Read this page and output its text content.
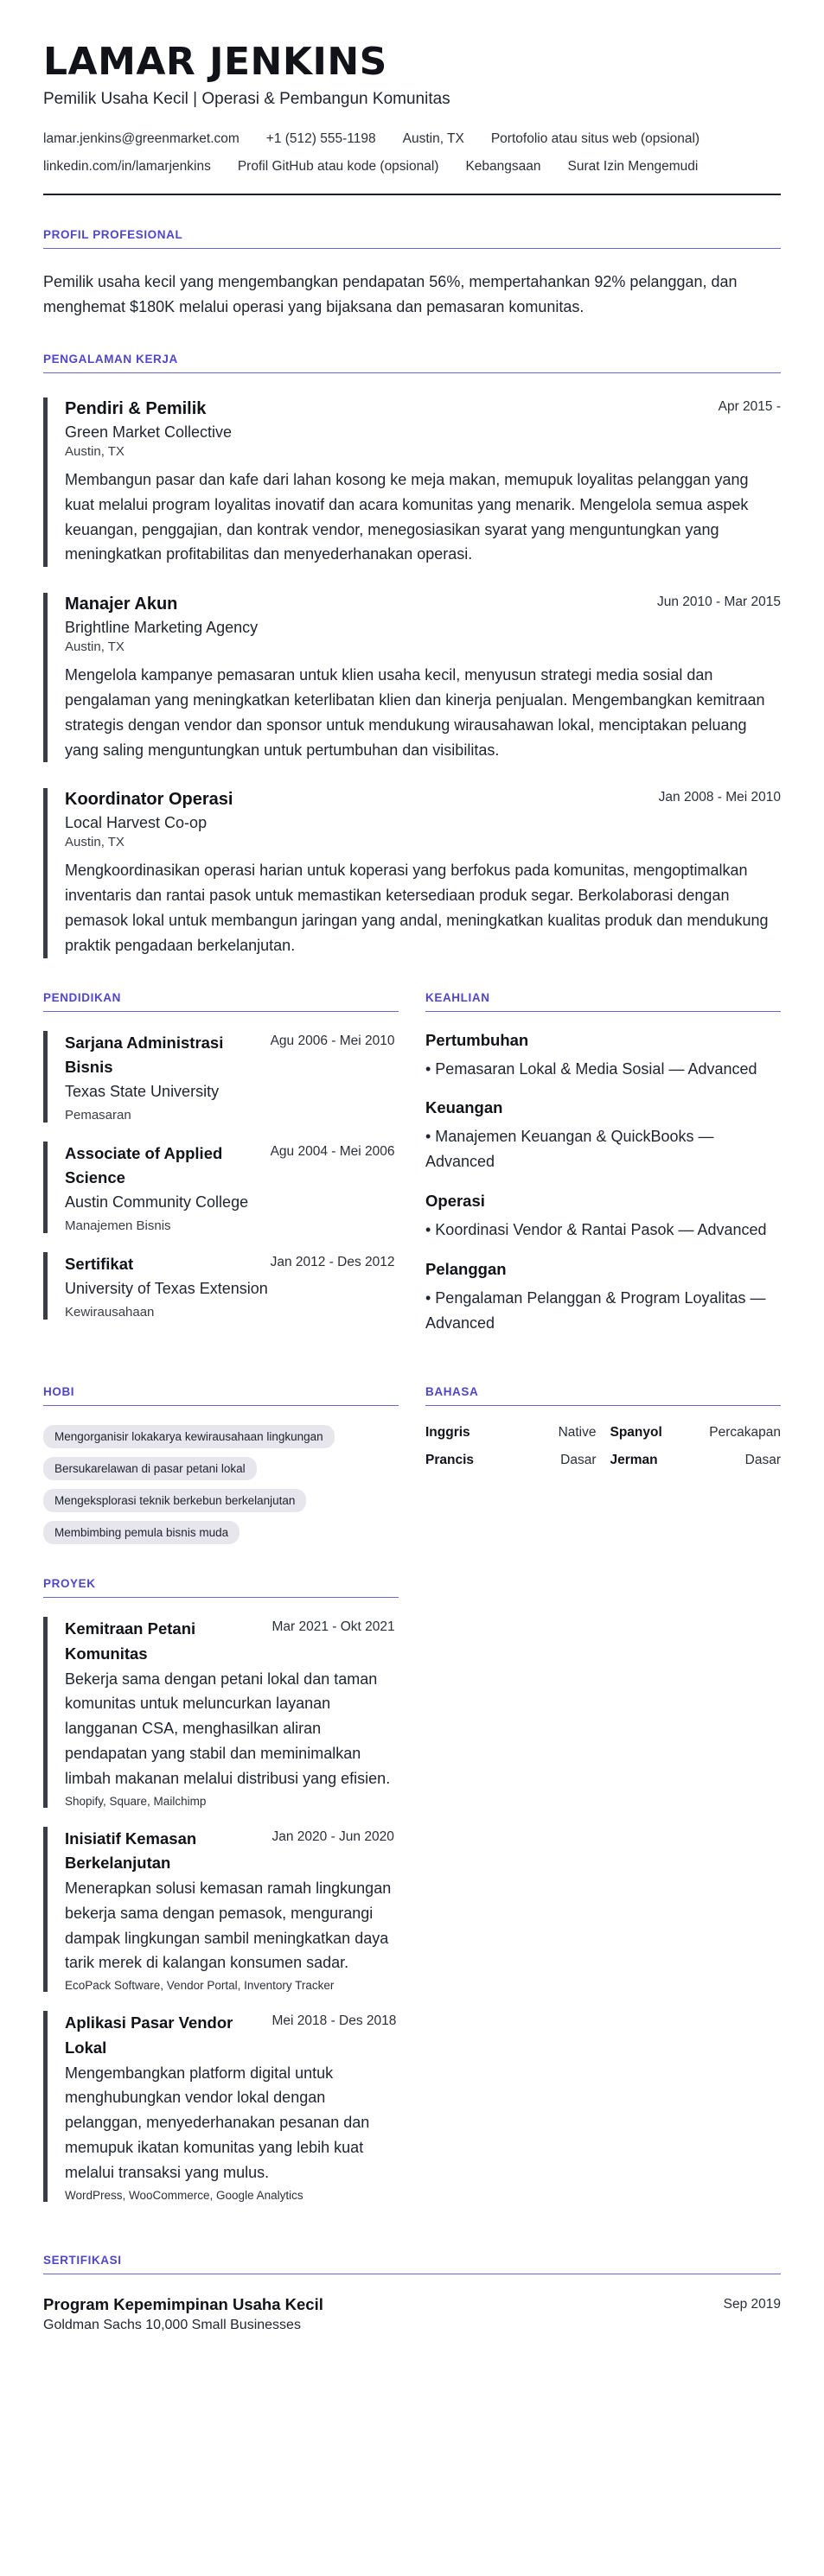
LAMAR JENKINS
Pemilik Usaha Kecil | Operasi & Pembangun Komunitas
lamar.jenkins@greenmarket.com +1 (512) 555-1198 Austin, TX Portofolio atau situs web (opsional)
linkedin.com/in/lamarjenkins Profil GitHub atau kode (opsional) Kebangsaan Surat Izin Mengemudi
PROFIL PROFESIONAL

Pemilik usaha kecil yang mengembangkan pendapatan 56%, mempertahankan 92% pelanggan, dan menghemat $180K melalui operasi yang bijaksana dan pemasaran komunitas.

PENGALAMAN KERJA
Pendiri & Pemilik	Apr 2015 -
Green Market Collective
Austin, TX

Membangun pasar dan kafe dari lahan kosong ke meja makan, memupuk loyalitas pelanggan yang kuat melalui program loyalitas inovatif dan acara komunitas yang menarik. Mengelola semua aspek keuangan, penggajian, dan kontrak vendor, menegosiasikan syarat yang menguntungkan yang meningkatkan profitabilitas dan menyederhanakan operasi.

Manajer Akun	Jun 2010 - Mar 2015
Brightline Marketing Agency
Austin, TX

Mengelola kampanye pemasaran untuk klien usaha kecil, menyusun strategi media sosial dan pengalaman yang meningkatkan keterlibatan klien dan kinerja penjualan. Mengembangkan kemitraan strategis dengan vendor dan sponsor untuk mendukung wirausahawan lokal, menciptakan peluang yang saling menguntungkan untuk pertumbuhan dan visibilitas.

Koordinator Operasi	Jan 2008 - Mei 2010
Local Harvest Co-op
Austin, TX

Mengkoordinasikan operasi harian untuk koperasi yang berfokus pada komunitas, mengoptimalkan inventaris dan rantai pasok untuk memastikan ketersediaan produk segar. Berkolaborasi dengan pemasok lokal untuk membangun jaringan yang andal, meningkatkan kualitas produk dan mendukung praktik pengadaan berkelanjutan.

PENDIDIKAN
Sarjana Administrasi Bisnis
Agu 2006 - Mei 2010
Texas State University
Pemasaran
Associate of Applied Science
Agu 2004 - Mei 2006
Austin Community College
Manajemen Bisnis
Sertifikat	Jan 2012 - Des 2012
University of Texas Extension
Kewirausahaan
KEAHLIAN
Pertumbuhan
• Pemasaran Lokal & Media Sosial — Advanced
Keuangan
• Manajemen Keuangan & QuickBooks — Advanced
Operasi
• Koordinasi Vendor & Rantai Pasok — Advanced
Pelanggan
• Pengalaman Pelanggan & Program Loyalitas — Advanced
HOBI
Mengorganisir lokakarya kewirausahaan lingkungan
Bersukarelawan di pasar petani lokal
Mengeksplorasi teknik berkebun berkelanjutan
Membimbing pemula bisnis muda
BAHASA
Inggris	Native Spanyol	Percakapan
Prancis	Dasar Jerman	Dasar
PROYEK
Kemitraan Petani Komunitas
Mar 2021 - Okt 2021

Bekerja sama dengan petani lokal dan taman komunitas untuk meluncurkan layanan langganan CSA, menghasilkan aliran pendapatan yang stabil dan meminimalkan limbah makanan melalui distribusi yang efisien.

Shopify, Square, Mailchimp
Inisiatif Kemasan Berkelanjutan
Jan 2020 - Jun 2020

Menerapkan solusi kemasan ramah lingkungan bekerja sama dengan pemasok, mengurangi dampak lingkungan sambil meningkatkan daya tarik merek di kalangan konsumen sadar.

EcoPack Software, Vendor Portal, Inventory Tracker
Aplikasi Pasar Vendor Lokal
Mei 2018 - Des 2018

Mengembangkan platform digital untuk menghubungkan vendor lokal dengan pelanggan, menyederhanakan pesanan dan memupuk ikatan komunitas yang lebih kuat melalui transaksi yang mulus.

WordPress, WooCommerce, Google Analytics
SERTIFIKASI
Program Kepemimpinan Usaha Kecil	Sep 2019
Goldman Sachs 10,000 Small Businesses
